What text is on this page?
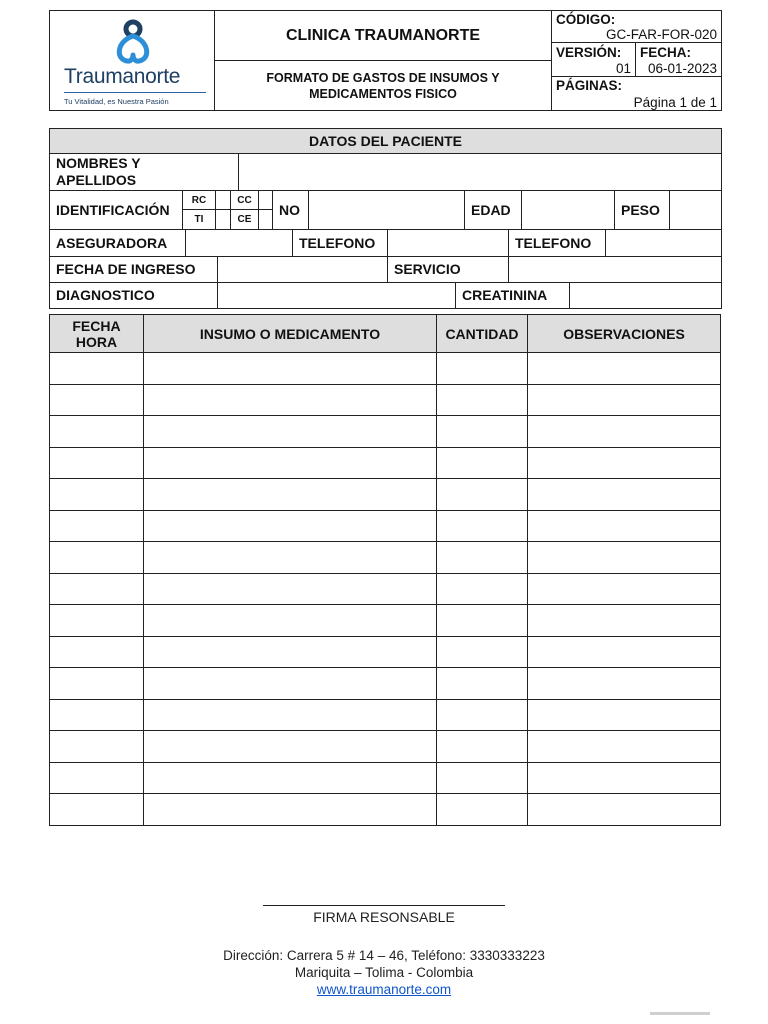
Traumanorte
Tu Vitalidad, es Nuestra Pasión
CLINICA TRAUMANORTE
FORMATO DE GASTOS DE INSUMOS Y
MEDICAMENTOS FISICO
CÓDIGO:
GC-FAR-FOR-020
VERSIÓN:
01
FECHA:
06-01-2023
PÁGINAS:
Página 1 de 1
DATOS DEL PACIENTE
NOMBRES Y
APELLIDOS
IDENTIFICACIÓN
RC	CC
TI	CE
NO	EDAD	PESO
ASEGURADORA	TELEFONO	TELEFONO
FECHA DE INGRESO	SERVICIO
DIAGNOSTICO	CREATININA
FECHA
HORA	INSUMO O MEDICAMENTO	CANTIDAD	OBSERVACIONES

FIRMA RESONSABLE
Dirección: Carrera 5 # 14 – 46, Teléfono: 3330333223
Mariquita – Tolima - Colombia
www.traumanorte.com
